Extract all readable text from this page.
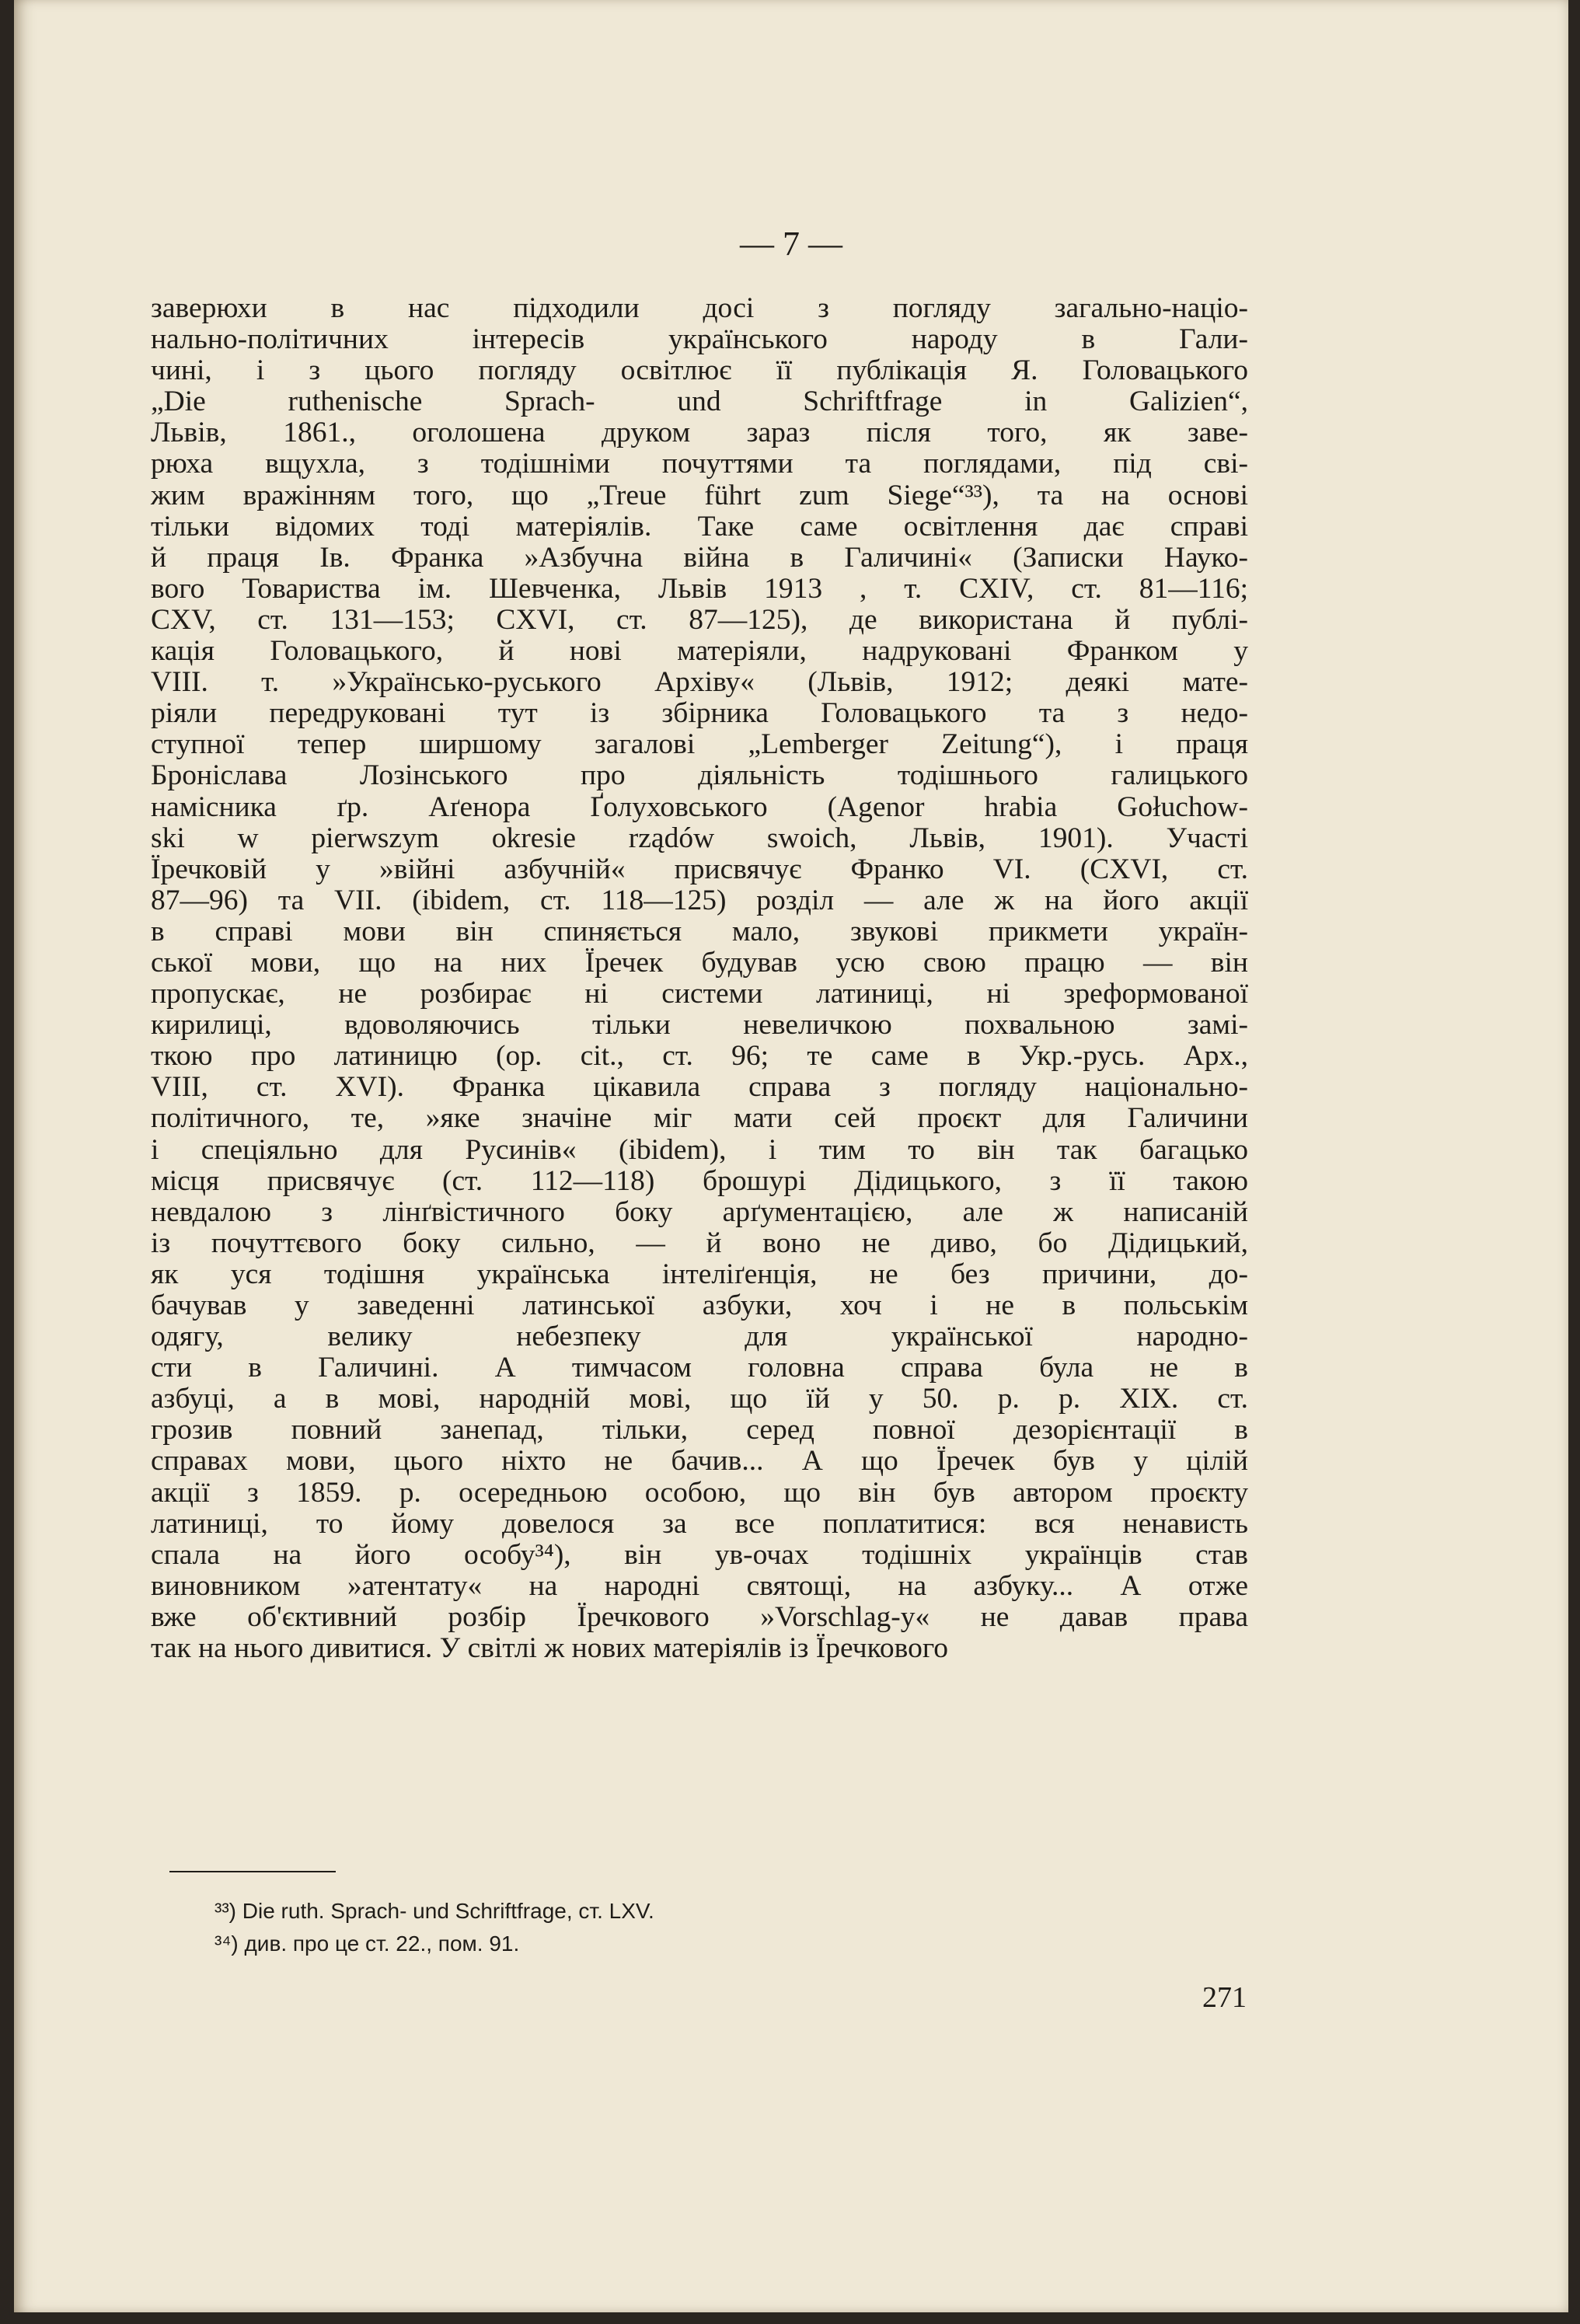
— 7 —
заверюхи в нас підходили досі з погляду загально-націо-
нально-політичних інтересів українського народу в Гали-
чині, і з цього погляду освітлює її публікація Я. Головацького
„Die ruthenische Sprach- und Schriftfrage in Galizien“,
Львів, 1861., оголошена друком зараз після того, як заве-
рюха вщухла, з тодішніми почуттями та поглядами, під сві-
жим вражінням того, що „Treue führt zum Siege“³³), та на основі
тільки відомих тоді матеріялів. Таке саме освітлення дає справі
й праця Ів. Франка »Азбучна війна в Галичині« (Записки Науко-
вого Товариства ім. Шевченка, Львів 1913 , т. CXIV, ст. 81—116;
CXV, ст. 131—153; CXVI, ст. 87—125), де використана й публі-
кація Головацького, й нові матеріяли, надруковані Франком у
VIII. т. »Українсько-руського Архіву« (Львів, 1912; деякі мате-
ріяли передруковані тут із збірника Головацького та з недо-
ступної тепер ширшому загалові „Lemberger Zeitung“), і праця
Броніслава Лозінського про діяльність тодішнього галицького
намісника ґр. Аґенора Ґолуховського (Agenor hrabia Gołuchow-
ski w pierwszym okresie rządów swoich, Львів, 1901). Участі
Їречковій у »війні азбучній« присвячує Франко VI. (CXVI, ст.
87—96) та VII. (ibidem, ст. 118—125) розділ — але ж на його акції
в справі мови він спиняється мало, звукові прикмети україн-
ської мови, що на них Їречек будував усю свою працю — він
пропускає, не розбирає ні системи латиниці, ні зреформованої
кирилиці, вдоволяючись тільки невеличкою похвальною замі-
ткою про латиницю (op. cit., ст. 96; те саме в Укр.-русь. Арх.,
VIII, ст. XVI). Франка цікавила справа з погляду національно-
політичного, те, »яке значіне міг мати сей проєкт для Галичини
і спеціяльно для Русинів« (ibidem), і тим то він так багацько
місця присвячує (ст. 112—118) брошурі Дідицького, з її такою
невдалою з лінґвістичного боку арґументацією, але ж написаній
із почуттєвого боку сильно, — й воно не диво, бо Дідицький,
як уся тодішня українська інтеліґенція, не без причини, до-
бачував у заведенні латинської азбуки, хоч і не в польськім
одягу, велику небезпеку для української народно-
сти в Галичині. А тимчасом головна справа була не в
азбуці, а в мові, народній мові, що їй у 50. р. р. XIX. ст.
грозив повний занепад, тільки, серед повної дезорієнтації в
справах мови, цього ніхто не бачив... А що Їречек був у цілій
акції з 1859. р. осередньою особою, що він був автором проєкту
латиниці, то йому довелося за все поплатитися: вся ненависть
спала на його особу³⁴), він ув-очах тодішніх українців став
виновником »атентату« на народні святощі, на азбуку... А отже
вже об'єктивний розбір Їречкового »Vorschlag-у« не давав права
так на нього дивитися. У світлі ж нових матеріялів із Їречкового
³³) Die ruth. Sprach- und Schriftfrage, ст. LXV.
³⁴) див. про це ст. 22., пом. 91.
271
